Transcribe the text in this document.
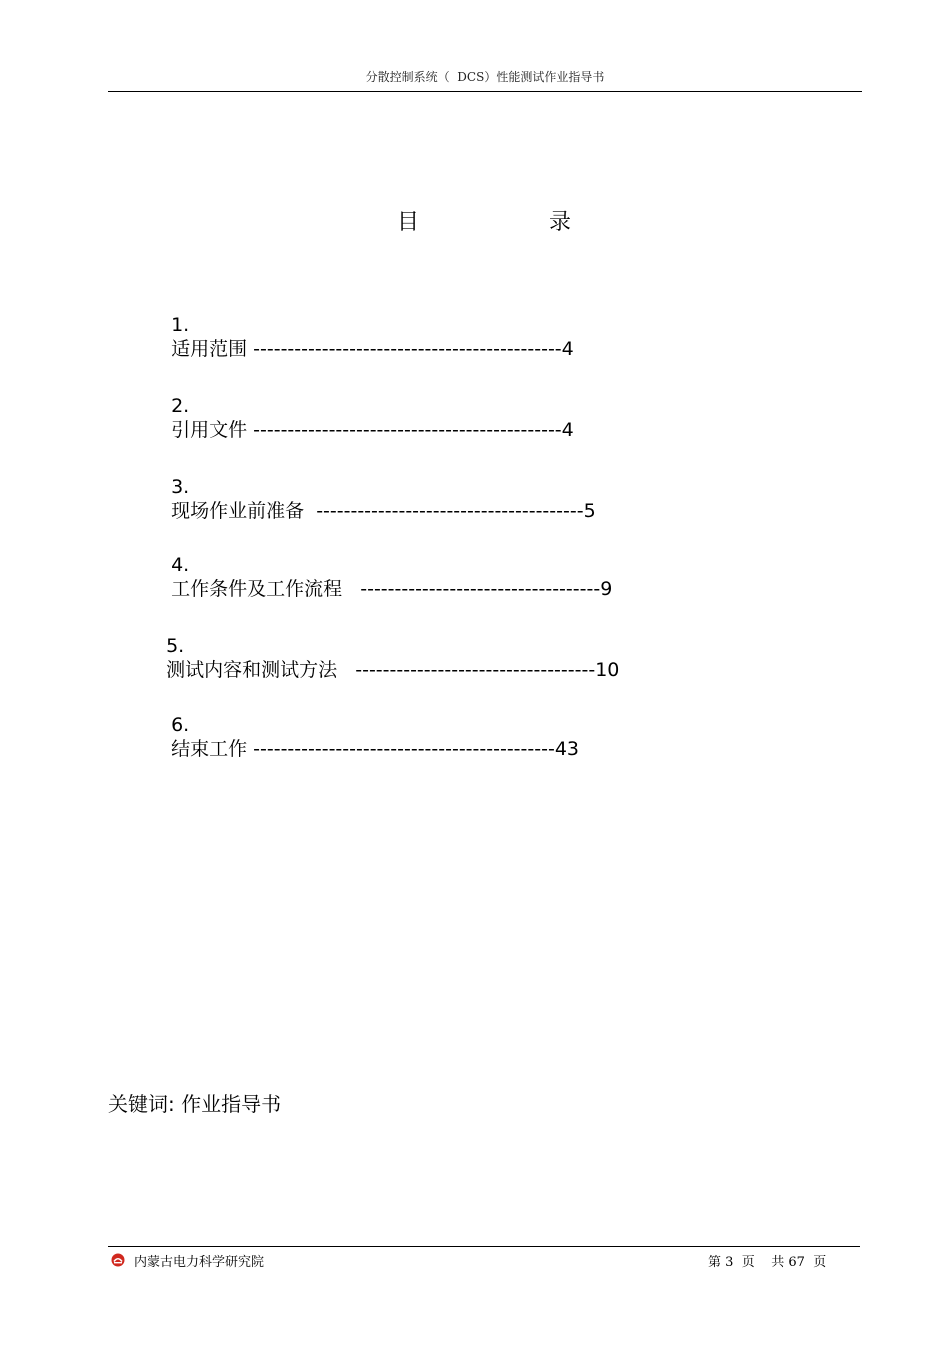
分散控制系统（  DCS）性能测试作业指导书
目	录

1.
适用范围 ---------------------------------------------4

2.
引用文件 ---------------------------------------------4

3.
现场作业前准备  ---------------------------------------5

4.
工作条件及工作流程   -----------------------------------9

5.
测试内容和测试方法   -----------------------------------10

6.
结束工作 --------------------------------------------43

关键词: 作业指导书
内蒙古电力科学研究院	第 3 页 共 67 页
